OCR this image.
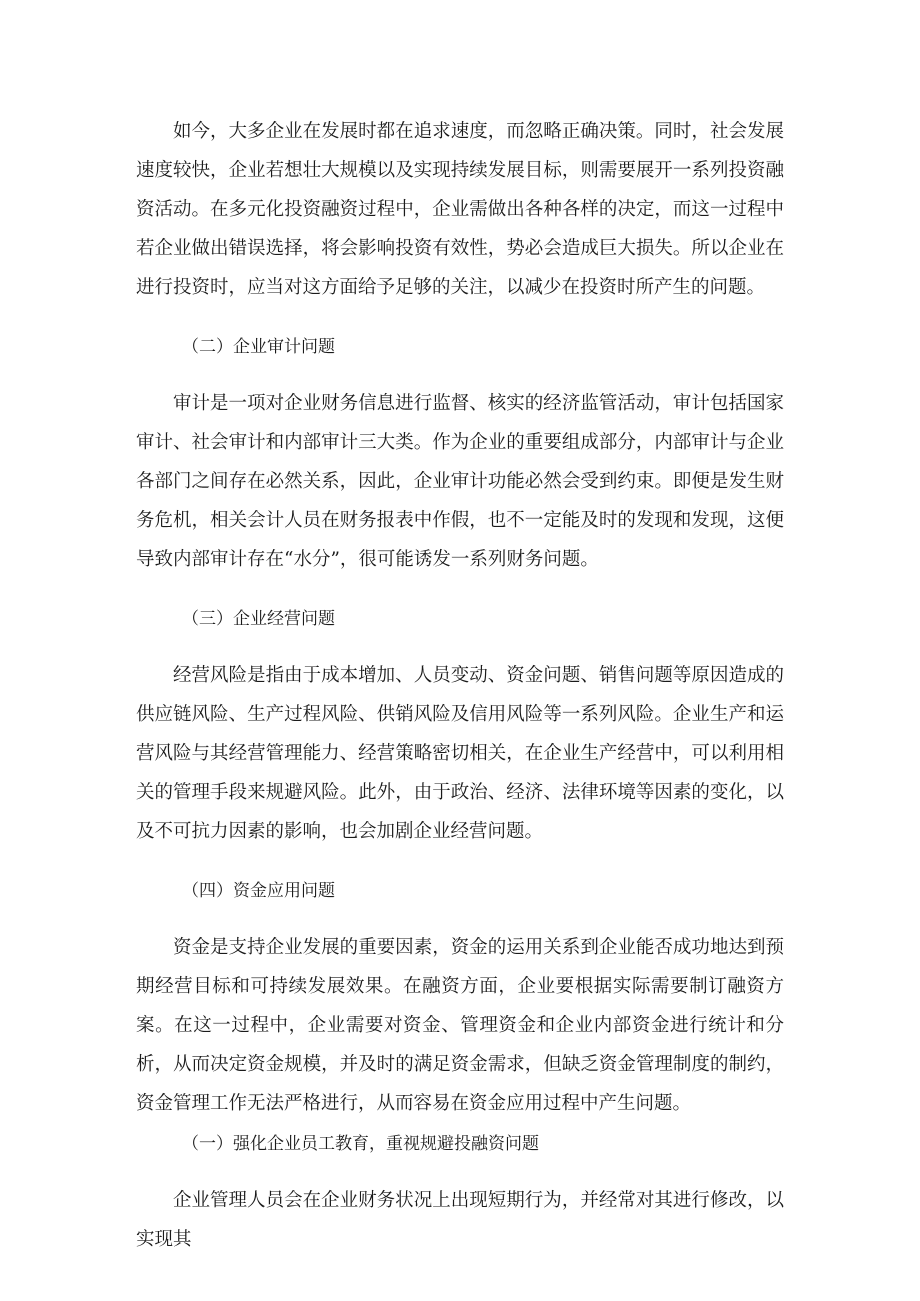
如今，大多企业在发展时都在追求速度，而忽略正确决策。同时，社会发展速度较快，企业若想壮大规模以及实现持续发展目标，则需要展开一系列投资融资活动。在多元化投资融资过程中，企业需做出各种各样的决定，而这一过程中若企业做出错误选择，将会影响投资有效性，势必会造成巨大损失。所以企业在进行投资时，应当对这方面给予足够的关注，以减少在投资时所产生的问题。

（二）企业审计问题

审计是一项对企业财务信息进行监督、核实的经济监管活动，审计包括国家审计、社会审计和内部审计三大类。作为企业的重要组成部分，内部审计与企业各部门之间存在必然关系，因此，企业审计功能必然会受到约束。即便是发生财务危机，相关会计人员在财务报表中作假，也不一定能及时的发现和发现，这便导致内部审计存在“水分”，很可能诱发一系列财务问题。

（三）企业经营问题

经营风险是指由于成本增加、人员变动、资金问题、销售问题等原因造成的供应链风险、生产过程风险、供销风险及信用风险等一系列风险。企业生产和运营风险与其经营管理能力、经营策略密切相关，在企业生产经营中，可以利用相关的管理手段来规避风险。此外，由于政治、经济、法律环境等因素的变化，以及不可抗力因素的影响，也会加剧企业经营问题。

（四）资金应用问题

资金是支持企业发展的重要因素，资金的运用关系到企业能否成功地达到预期经营目标和可持续发展效果。在融资方面，企业要根据实际需要制订融资方案。在这一过程中，企业需要对资金、管理资金和企业内部资金进行统计和分析，从而决定资金规模，并及时的满足资金需求，但缺乏资金管理制度的制约，资金管理工作无法严格进行，从而容易在资金应用过程中产生问题。

（一）强化企业员工教育，重视规避投融资问题

企业管理人员会在企业财务状况上出现短期行为，并经常对其进行修改，以实现其
